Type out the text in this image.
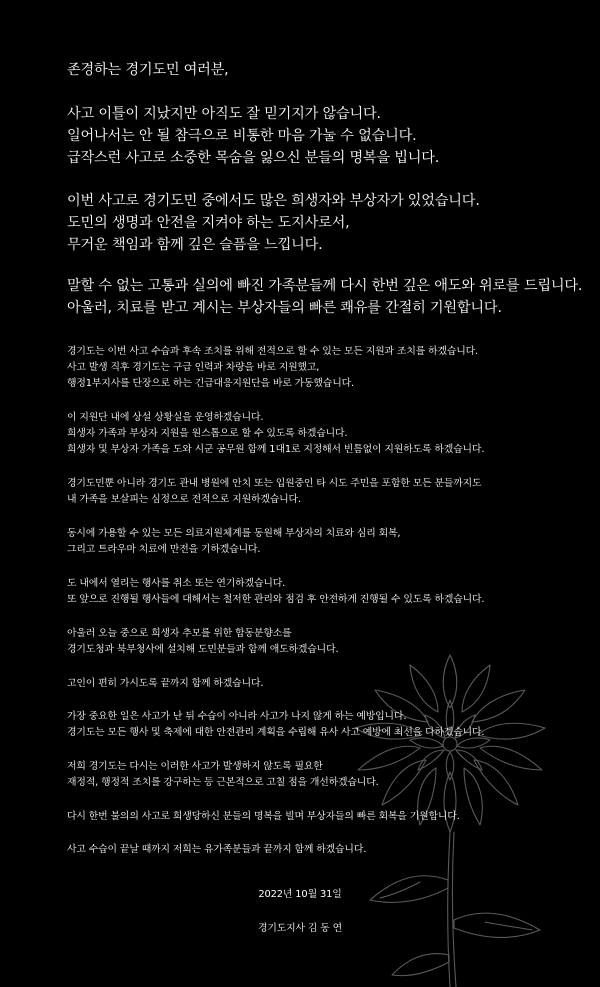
존경하는 경기도민 여러분,
사고 이틀이 지났지만 아직도 잘 믿기지가 않습니다.
일어나서는 안 될 참극으로 비통한 마음 가눌 수 없습니다.
급작스런 사고로 소중한 목숨을 잃으신 분들의 명복을 빕니다.
이번 사고로 경기도민 중에서도 많은 희생자와 부상자가 있었습니다.
도민의 생명과 안전을 지켜야 하는 도지사로서,
무거운 책임과 함께 깊은 슬픔을 느낍니다.
말할 수 없는 고통과 실의에 빠진 가족분들께 다시 한번 깊은 애도와 위로를 드립니다.
아울러, 치료를 받고 계시는 부상자들의 빠른 쾌유를 간절히 기원합니다.
경기도는 이번 사고 수습과 후속 조치를 위해 전적으로 할 수 있는 모든 지원과 조치를 하겠습니다.
사고 발생 직후 경기도는 구급 인력과 차량을 바로 지원했고,
행정1부지사를 단장으로 하는 긴급대응지원단을 바로 가동했습니다.
이 지원단 내에 상설 상황실을 운영하겠습니다.
희생자 가족과 부상자 지원을 원스톱으로 할 수 있도록 하겠습니다.
희생자 및 부상자 가족을 도와 시군 공무원 함께 1대1로 지정해서 빈틈없이 지원하도록 하겠습니다.
경기도민뿐 아니라 경기도 관내 병원에 안치 또는 입원중인 타 시도 주민을 포함한 모든 분들까지도
내 가족을 보살피는 심정으로 전적으로 지원하겠습니다.
동시에 가용할 수 있는 모든 의료지원체계를 동원해 부상자의 치료와 심리 회복,
그리고 트라우마 치료에 만전을 기하겠습니다.
도 내에서 열리는 행사를 취소 또는 연기하겠습니다.
또 앞으로 진행될 행사들에 대해서는 철저한 관리와 점검 후 안전하게 진행될 수 있도록 하겠습니다.
아울러 오늘 중으로 희생자 추모를 위한 합동분향소를
경기도청과 북부청사에 설치해 도민분들과 함께 애도하겠습니다.
고인이 편히 가시도록 끝까지 함께 하겠습니다.
가장 중요한 일은 사고가 난 뒤 수습이 아니라 사고가 나지 않게 하는 예방입니다.
경기도는 모든 행사 및 축제에 대한 안전관리 계획을 수립해 유사 사고 예방에 최선을 다하겠습니다.
저희 경기도는 다시는 이러한 사고가 발생하지 않도록 필요한
재정적, 행정적 조치를 강구하는 등 근본적으로 고칠 점을 개선하겠습니다.
다시 한번 불의의 사고로 희생당하신 분들의 명복을 빌며 부상자들의 빠른 회복을 기원합니다.
사고 수습이 끝날 때까지 저희는 유가족분들과 끝까지 함께 하겠습니다.
2022년 10월 31일
경기도지사 김 동 연
